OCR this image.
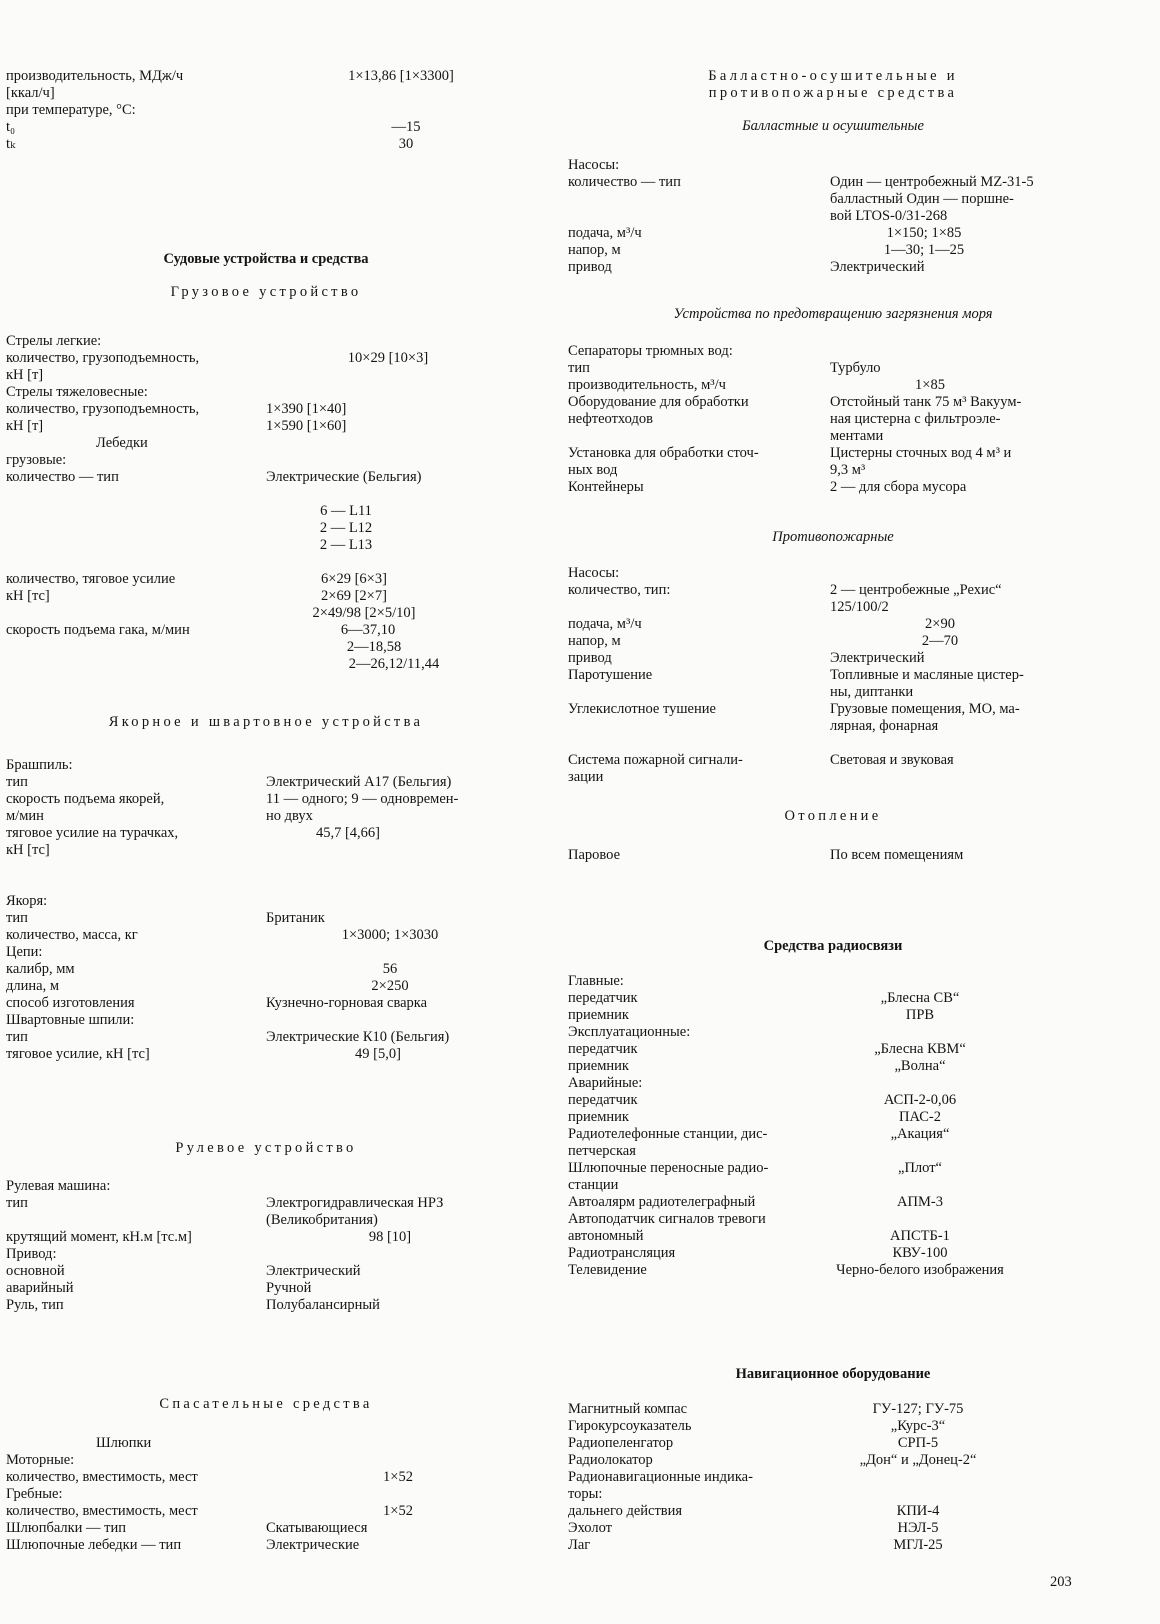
производительность, МДж/ч	1×13,86 [1×3300]
[ккал/ч]
при температуре, °С:
t₀	—15
tₖ	30
Судовые устройства и средства
Грузовое устройство
Стрелы легкие:
количество, грузоподъемность,	10×29 [10×3]
кН [т]
Стрелы тяжеловесные:
количество, грузоподъемность,	1×390 [1×40]
кН [т]	1×590 [1×60]
Лебедки
грузовые:
количество — тип	Электрические (Бельгия)
6 — L11
2 — L12
2 — L13
количество, тяговое усилие	6×29 [6×3]
кН [тс]	2×69 [2×7]
2×49/98 [2×5/10]
скорость подъема гака, м/мин	6—37,10
2—18,58
2—26,12/11,44
Якорное и швартовное устройства
Брашпиль:
тип	Электрический А17 (Бельгия)
скорость подъема якорей,	11 — одного; 9 — одновремен-
м/мин	но двух
тяговое усилие на турачках,	45,7 [4,66]
кН [тс]
Якоря:
тип	Британик
количество, масса, кг	1×3000; 1×3030
Цепи:
калибр, мм	56
длина, м	2×250
способ изготовления	Кузнечно-горновая сварка
Швартовные шпили:
тип	Электрические К10 (Бельгия)
тяговое усилие, кН [тс]	49 [5,0]
Рулевое устройство
Рулевая машина:
тип	Электрогидравлическая НРЗ
(Великобритания)
крутящий момент, кН.м [тс.м]	98 [10]
Привод:
основной	Электрический
аварийный	Ручной
Руль, тип	Полубалансирный
Спасательные средства
Шлюпки
Моторные:
количество, вместимость, мест	1×52
Гребные:
количество, вместимость, мест	1×52
Шлюпбалки — тип	Скатывающиеся
Шлюпочные лебедки — тип	Электрические
Балластно-осушительные и
противопожарные средства
Балластные и осушительные
Насосы:
количество — тип	Один — центробежный MZ-31-5
балластный Один — поршне-
вой LTOS-0/31-268
подача, м³/ч	1×150; 1×85
напор, м	1—30; 1—25
привод	Электрический
Устройства по предотвращению загрязнения моря
Сепараторы трюмных вод:
тип	Турбуло
производительность, м³/ч	1×85
Оборудование для обработки	Отстойный танк 75 м³ Вакуум-
нефтеотходов	ная цистерна с фильтроэле-
ментами
Установка для обработки сточ-	Цистерны сточных вод 4 м³ и
ных вод	9,3 м³
Контейнеры	2 — для сбора мусора
Противопожарные
Насосы:
количество, тип:	2 — центробежные „Рехис“
125/100/2
подача, м³/ч	2×90
напор, м	2—70
привод	Электрический
Паротушение	Топливные и масляные цистер-
ны, диптанки
Углекислотное тушение	Грузовые помещения, МО, ма-
лярная, фонарная
Система пожарной сигнали-	Световая и звуковая
зации
Отопление
Паровое	По всем помещениям
Средства радиосвязи
Главные:
передатчик	„Блесна СВ“
приемник	ПРВ
Эксплуатационные:
передатчик	„Блесна КВМ“
приемник	„Волна“
Аварийные:
передатчик	АСП-2-0,06
приемник	ПАС-2
Радиотелефонные станции, дис-	„Акация“
петчерская
Шлюпочные переносные радио-	„Плот“
станции
Автоалярм радиотелеграфный	АПМ-3
Автоподатчик сигналов тревоги
автономный	АПСТБ-1
Радиотрансляция	КВУ-100
Телевидение	Черно-белого изображения
Навигационное оборудование
Магнитный компас	ГУ-127; ГУ-75
Гирокурсоуказатель	„Курс-3“
Радиопеленгатор	СРП-5
Радиолокатор	„Дон“ и „Донец-2“
Радионавигационные индика-
торы:
дальнего действия	КПИ-4
Эхолот	НЭЛ-5
Лаг	МГЛ-25
203
